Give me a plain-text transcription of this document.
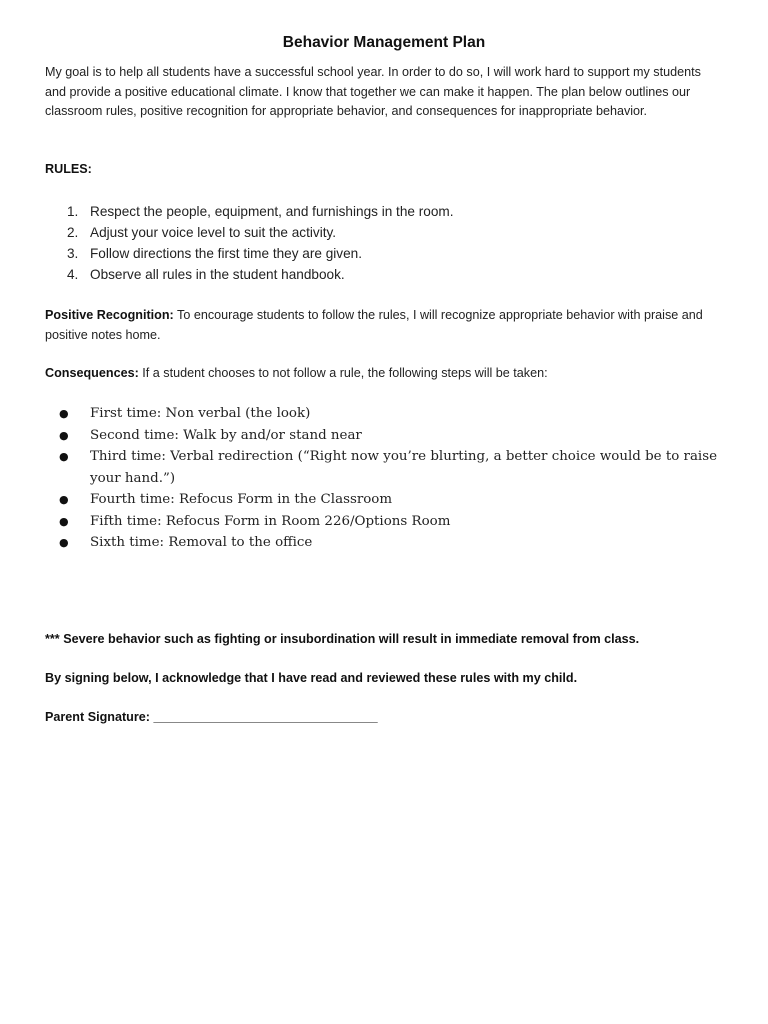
Behavior Management Plan

My goal is to help all students have a successful school year. In order to do so, I will work hard to support my students and provide a positive educational climate. I know that together we can make it happen. The plan below outlines our classroom rules, positive recognition for appropriate behavior, and consequences for inappropriate behavior.

RULES:

1. Respect the people, equipment, and furnishings in the room.
2. Adjust your voice level to suit the activity.
3. Follow directions the first time they are given.
4. Observe all rules in the student handbook.

Positive Recognition: To encourage students to follow the rules, I will recognize appropriate behavior with praise and positive notes home.

Consequences: If a student chooses to not follow a rule, the following steps will be taken:

● First time: Non verbal (the look)
● Second time: Walk by and/or stand near
● Third time: Verbal redirection (“Right now you’re blurting, a better choice would be to raise your hand.”)
● Fourth time: Refocus Form in the Classroom
● Fifth time: Refocus Form in Room 226/Options Room
● Sixth time: Removal to the office

*** Severe behavior such as fighting or insubordination will result in immediate removal from class.

By signing below, I acknowledge that I have read and reviewed these rules with my child.

Parent Signature: ________________________________
